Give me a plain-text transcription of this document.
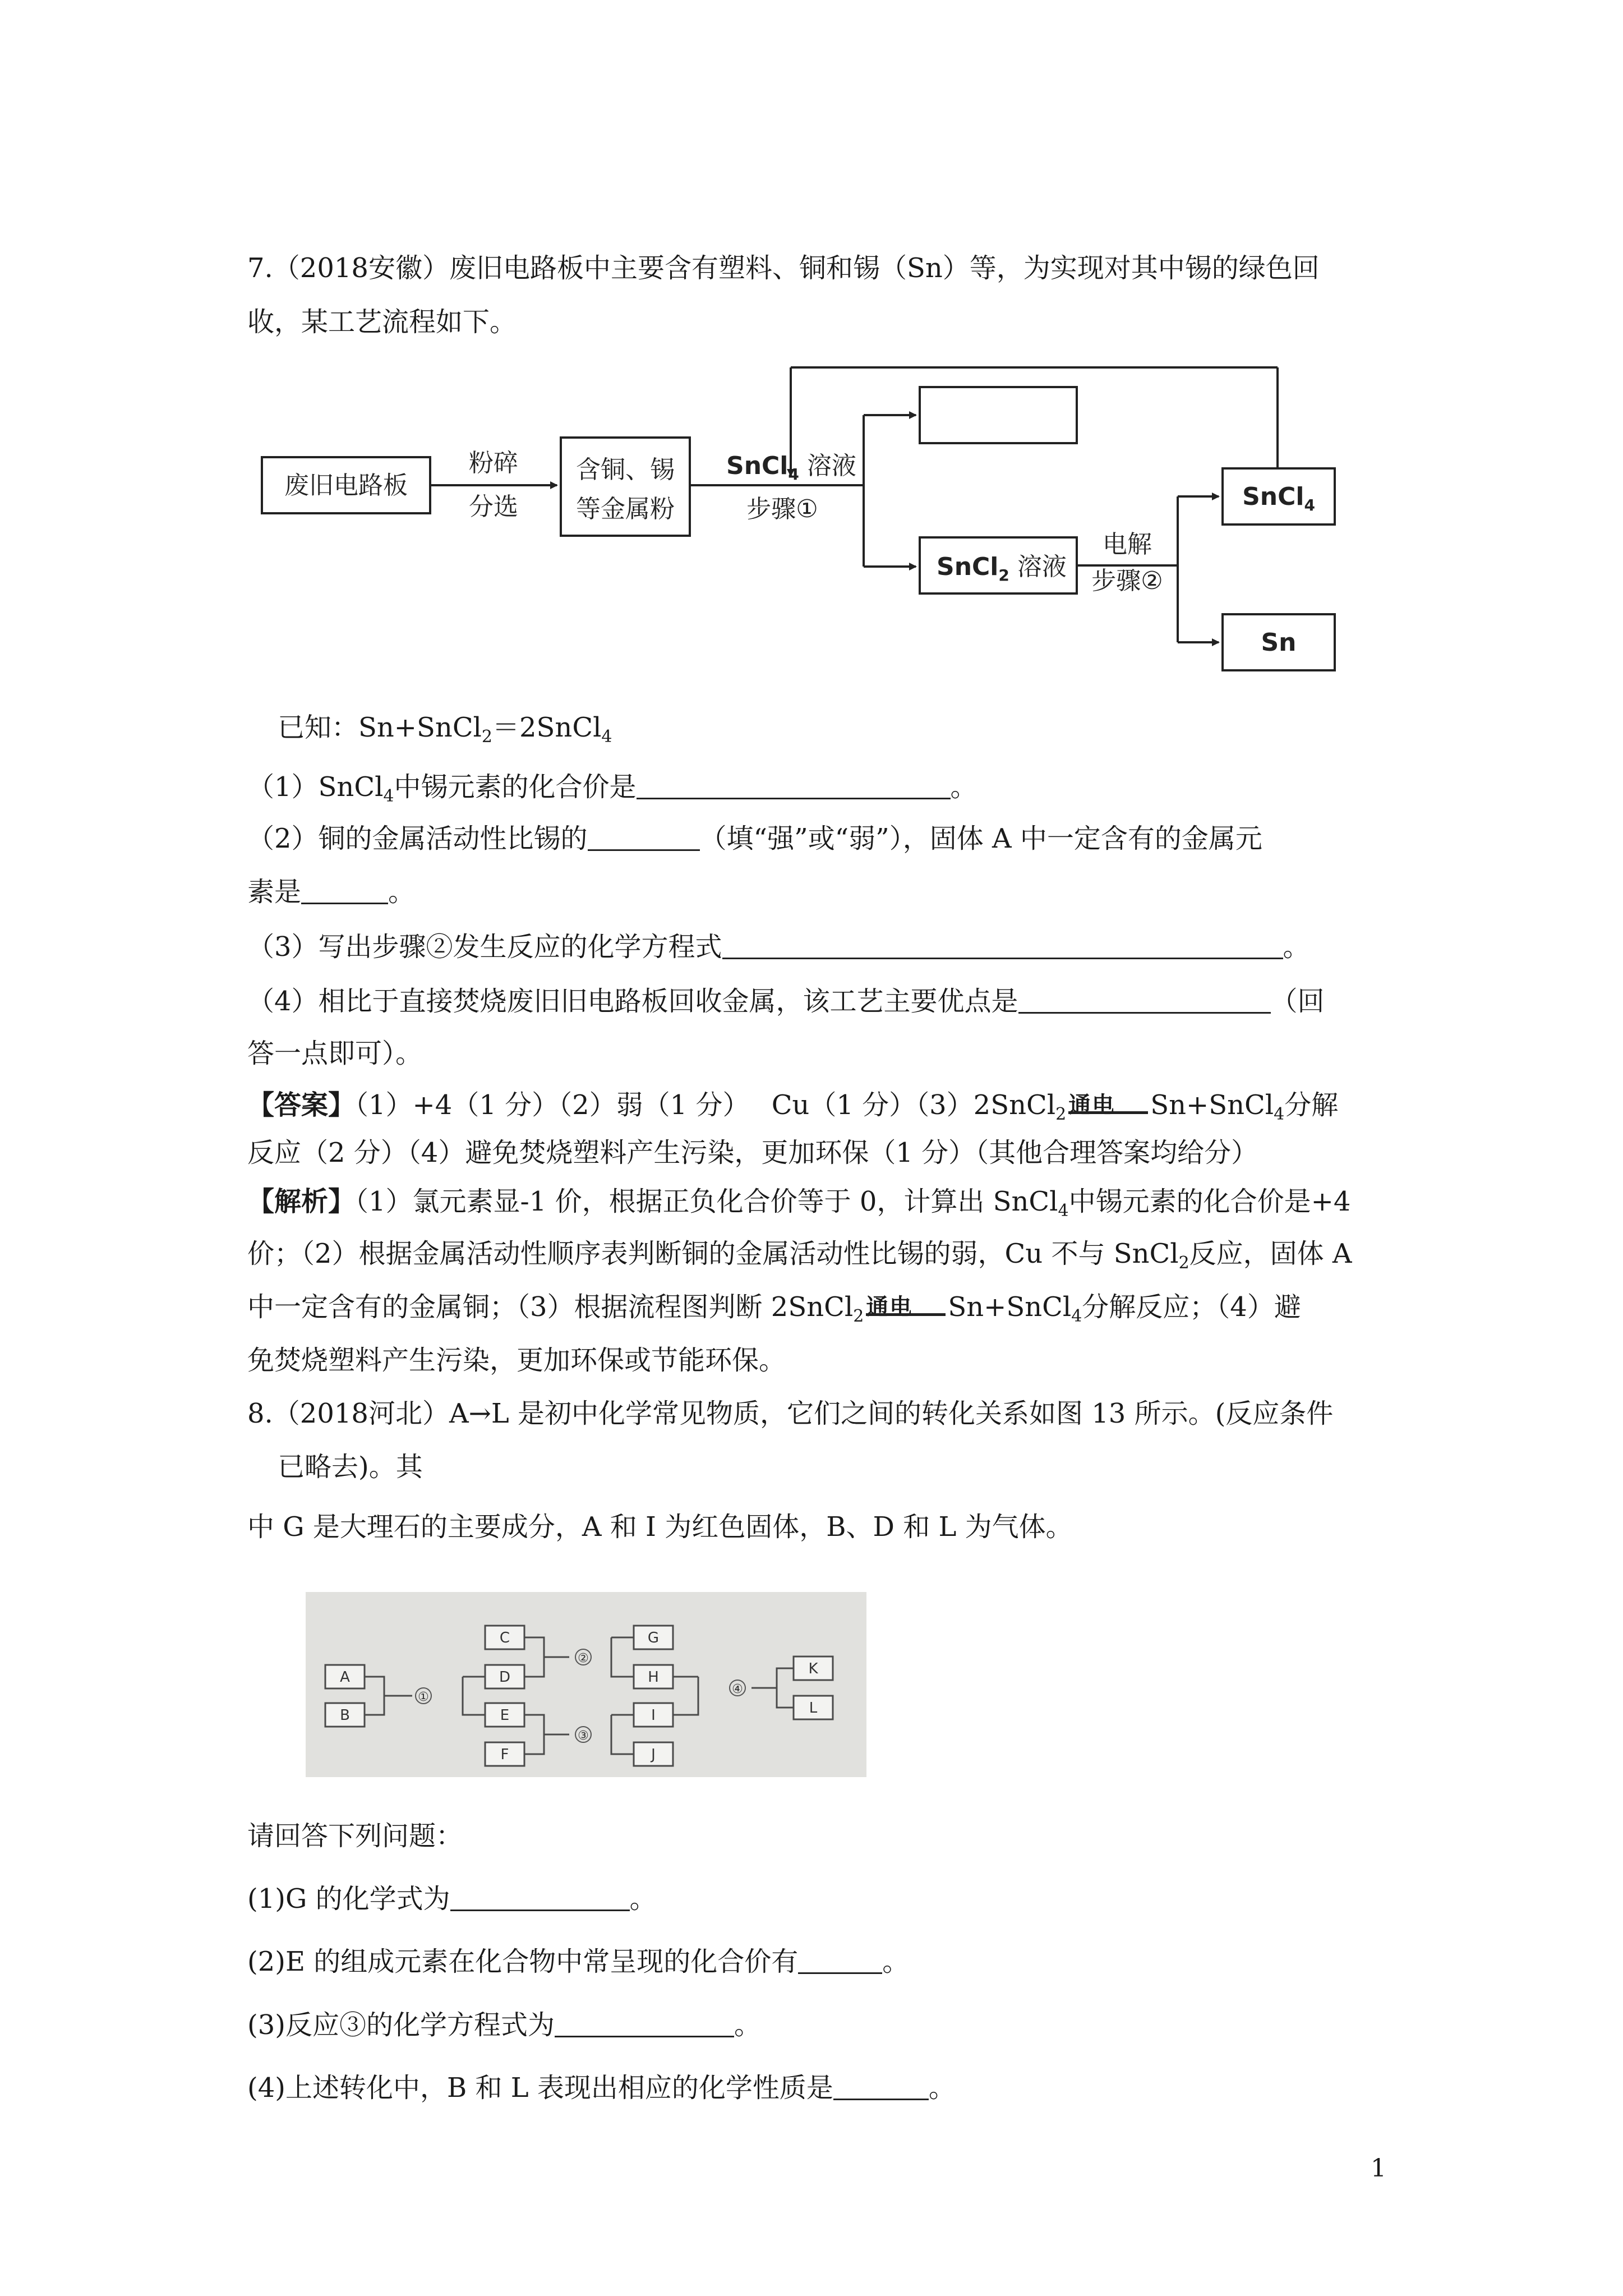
7.（2018安徽）废旧电路板中主要含有塑料、铜和锡（Sn）等，为实现对其中锡的绿色回
收，某工艺流程如下。
废旧电路板
粉碎
分选
含铜、锡
等金属粉
SnCl$_4$ 溶液
步骤①
SnCl$_2$ 溶液
电解
步骤②
SnCl$_4$
Sn
已知：Sn+SnCl$_2$＝2SnCl$_4$
（1）SnCl$_4$中锡元素的化合价是	。
（2）铜的金属活动性比锡的	（填“强”或“弱”），固体 A 中一定含有的金属元
素是	。
（3）写出步骤②发生反应的化学方程式	。
（4）相比于直接焚烧废旧旧电路板回收金属，该工艺主要优点是	（回
答一点即可）。
【答案】（1）+4（1 分）（2）弱（1 分）　 Cu（1 分）（3）2SnCl$_2$ 通电 Sn+SnCl$_4$分解
反应（2 分）（4）避免焚烧塑料产生污染，更加环保（1 分）（其他合理答案均给分）
【解析】（1）氯元素显-1 价，根据正负化合价等于 0，计算出 SnCl$_4$中锡元素的化合价是+4
价；（2）根据金属活动性顺序表判断铜的金属活动性比锡的弱，Cu 不与 SnCl$_2$反应，固体 A
中一定含有的金属铜；（3）根据流程图判断 2SnCl$_2$ 通电 Sn+SnCl$_4$分解反应；（4）避
免焚烧塑料产生污染，更加环保或节能环保。
8.（2018河北）A→L 是初中化学常见物质，它们之间的转化关系如图 13 所示。(反应条件
已略去)。其
中 G 是大理石的主要成分，A 和 I 为红色固体，B、D 和 L 为气体。
A
B
C
D
E
F
G
H
I
J
K
L
①
②
③
④
请回答下列问题：
(1)G 的化学式为	。
(2)E 的组成元素在化合物中常呈现的化合价有	。
(3)反应③的化学方程式为	。
(4)上述转化中，B 和 L 表现出相应的化学性质是	。
1
